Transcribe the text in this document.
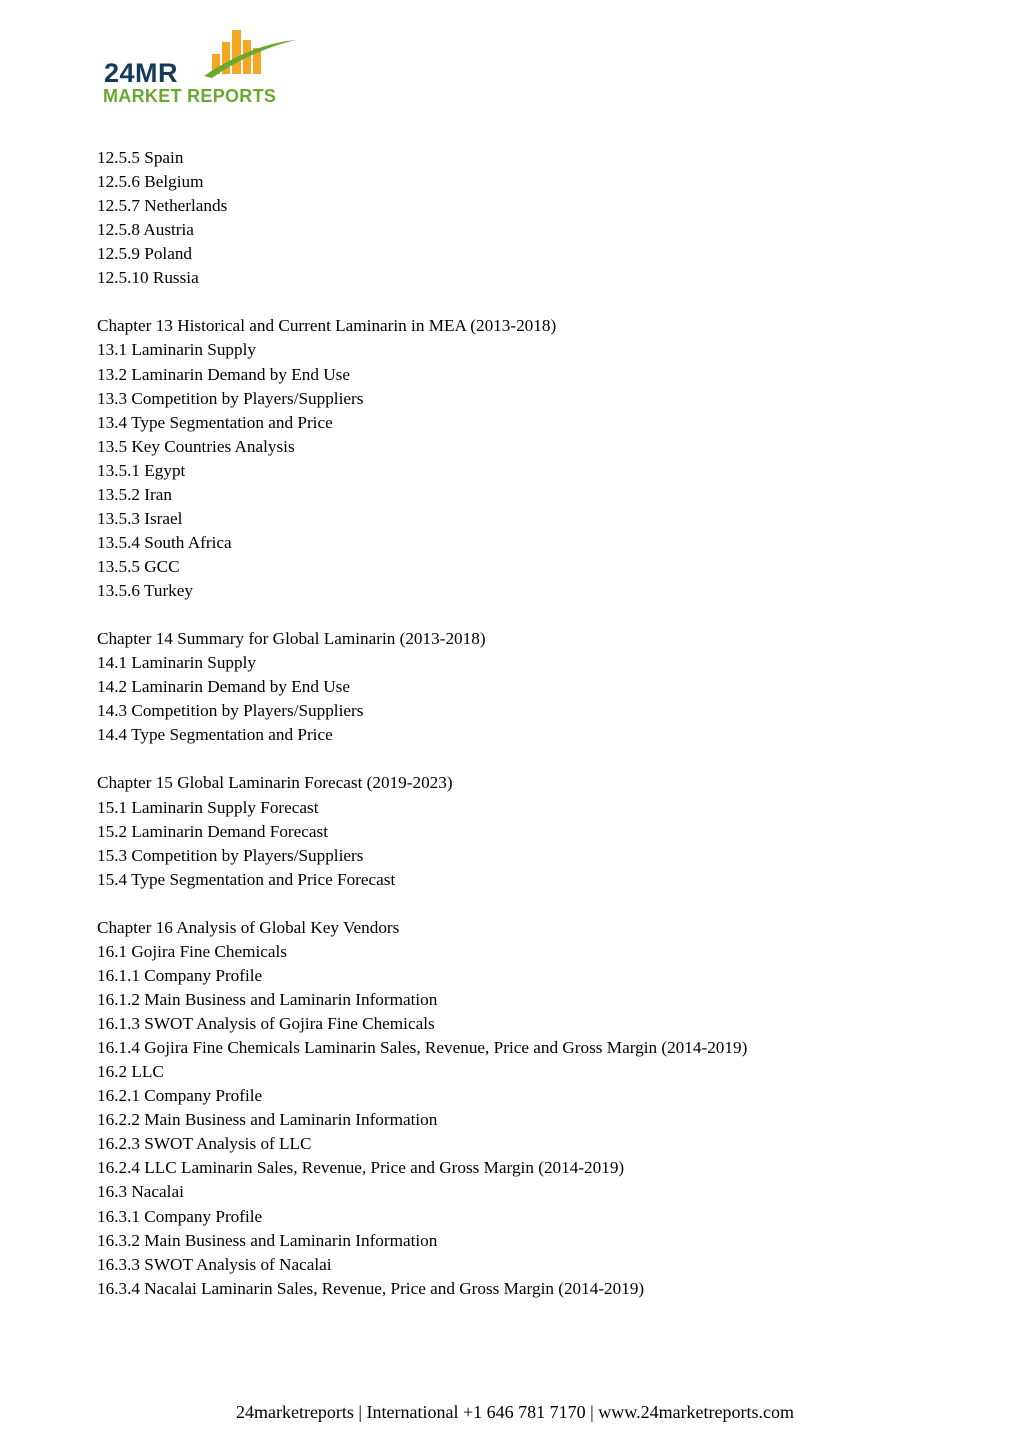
24MR
MARKET REPORTS
12.5.5 Spain
12.5.6 Belgium
12.5.7 Netherlands
12.5.8 Austria
12.5.9 Poland
12.5.10 Russia
Chapter 13 Historical and Current Laminarin in MEA (2013-2018)
13.1 Laminarin Supply
13.2 Laminarin Demand by End Use
13.3 Competition by Players/Suppliers
13.4 Type Segmentation and Price
13.5 Key Countries Analysis
13.5.1 Egypt
13.5.2 Iran
13.5.3 Israel
13.5.4 South Africa
13.5.5 GCC
13.5.6 Turkey
Chapter 14 Summary for Global Laminarin (2013-2018)
14.1 Laminarin Supply
14.2 Laminarin Demand by End Use
14.3 Competition by Players/Suppliers
14.4 Type Segmentation and Price
Chapter 15 Global Laminarin Forecast (2019-2023)
15.1 Laminarin Supply Forecast
15.2 Laminarin Demand Forecast
15.3 Competition by Players/Suppliers
15.4 Type Segmentation and Price Forecast
Chapter 16 Analysis of Global Key Vendors
16.1 Gojira Fine Chemicals
16.1.1 Company Profile
16.1.2 Main Business and Laminarin Information
16.1.3 SWOT Analysis of Gojira Fine Chemicals
16.1.4 Gojira Fine Chemicals Laminarin Sales, Revenue, Price and Gross Margin (2014-2019)
16.2 LLC
16.2.1 Company Profile
16.2.2 Main Business and Laminarin Information
16.2.3 SWOT Analysis of LLC
16.2.4 LLC Laminarin Sales, Revenue, Price and Gross Margin (2014-2019)
16.3 Nacalai
16.3.1 Company Profile
16.3.2 Main Business and Laminarin Information
16.3.3 SWOT Analysis of Nacalai
16.3.4 Nacalai Laminarin Sales, Revenue, Price and Gross Margin (2014-2019)
24marketreports | International +1 646 781 7170 | www.24marketreports.com
